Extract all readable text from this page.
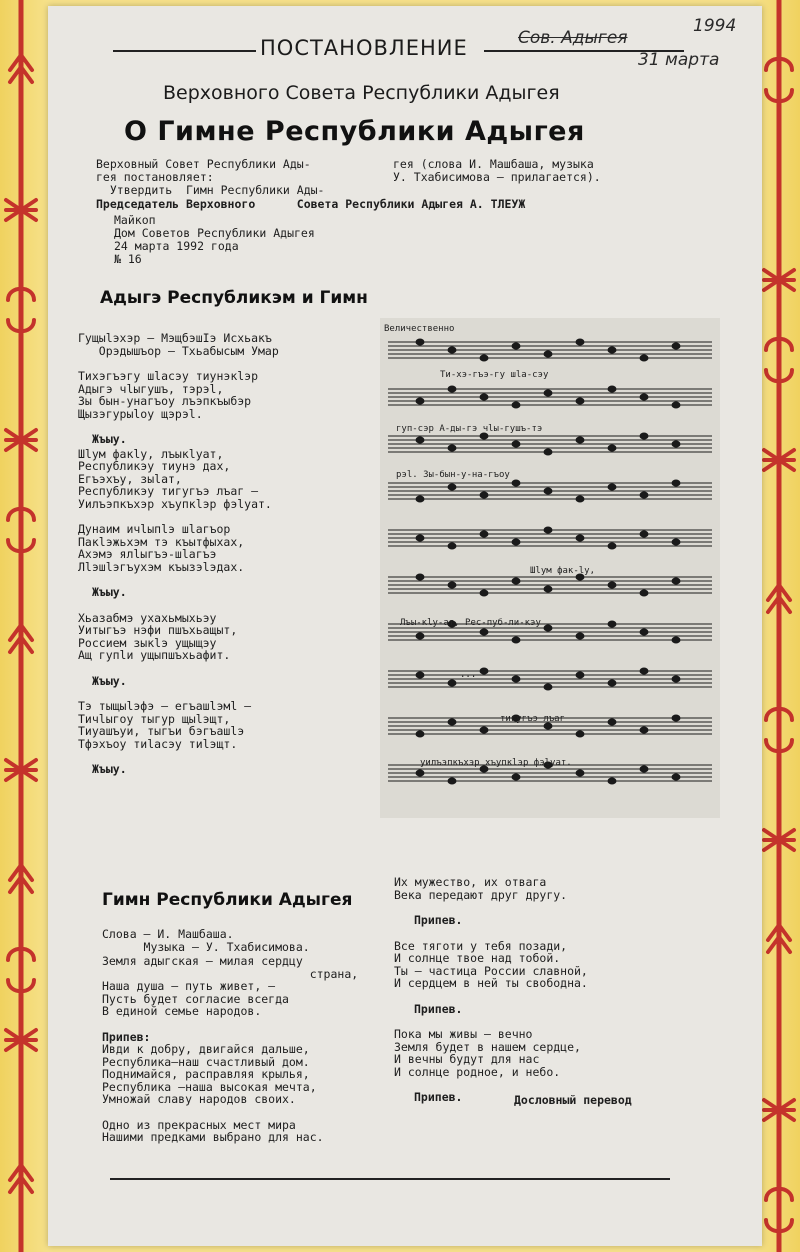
ПОСТАНОВЛЕНИЕ	Сов. Адыгея
1994
31 марта
Верховного Совета Республики Адыгея
О Гимне Республики Адыгея
Верховный Совет Республики Ады-
гея постановляет:
Утвердить  Гимн Республики Ады-
гея (слова И. Машбаша, музыка
У. Тхабисимова — прилагается).
Председатель Верховного      Совета Республики Адыгея А. ТЛЕУЖ
Майкоп
Дом Советов Республики Адыгея
24 марта 1992 года
№ 16
Адыгэ Республикэм и Гимн
Гущыlэхэр — МэщбэшІэ Исхьакъ
Орэдышъор — Тхьабысым Умар
Тихэгъэгу шlасэу тиунэкlэр
Адыгэ чlыгушъ, тэрэl,
Зы бын-унагъоу лъэпкъыбэр
Щызэгурыlоу щэрэl.
Жъыу.
Шlум факlу, лъыкlуат,
Республикэу тиунэ дах,
Егъэхъу, зыlат,
Республикэу тигугъэ лъаг —
Уилъэпкъхэр хъупкlэр фэlуат.
Дунаим ичlыпlэ шlагъор
Пакlэжьхэм тэ къытфыхах,
Ахэмэ ялlыгъэ-шlагъэ
Лlэшlэгъухэм къызэlэдах.
Жъыу.
Хьазабмэ ухахьмыхьэу
Уитыгъэ нэфи пшъхьащыт,
Россием зыкlэ ущыщэу
Ащ гупlи ущыпшъхьафит.
Жъыу.
Тэ тыщыlэфэ — егъашlэмl —
Тичlыгоу тыгур щыlэщт,
Тиуашъуи, тыгъи бэгъашlэ
Тфэхъоу тиlасэу тиlэщт.
Жъыу.
Величественно
Ти-хэ-гъэ-гу шlа-сэу
гуп-сэр А-ды-гэ чlы-гушъ-тэ
рэl. Зы-бын-у-на-гъоу
Шlум фак-lу,
Лъы-кlу-ат, Рес-пуб-ли-кэу
...
тигугъэ лъаг
уилъэпкъхэр хъупкlэр фэlуат.
Гимн Республики Адыгея
Слова — И. Машбаша.
Музыка — У. Тхабисимова.
Земля адыгская — милая сердцу
страна,
Наша душа — путь живет, —
Пусть будет согласие всегда
В единой семье народов.
Припев:
Ивди к добру, двигайся дальше,
Республика—наш счастливый дом.
Поднимайся, расправляя крылья,
Республика —наша высокая мечта,
Умножай славу народов своих.
Одно из прекрасных мест мира
Нашими предками выбрано для нас.
Их мужество, их отвага
Века передают друг другу.
Припев.
Все тяготи у тебя позади,
И солнце твое над тобой.
Ты — частица России славной,
И сердцем в ней ты свободна.
Припев.
Пока мы живы — вечно
Земля будет в нашем сердце,
И вечны будут для нас
И солнце родное, и небо.
Припев.	Дословный перевод
